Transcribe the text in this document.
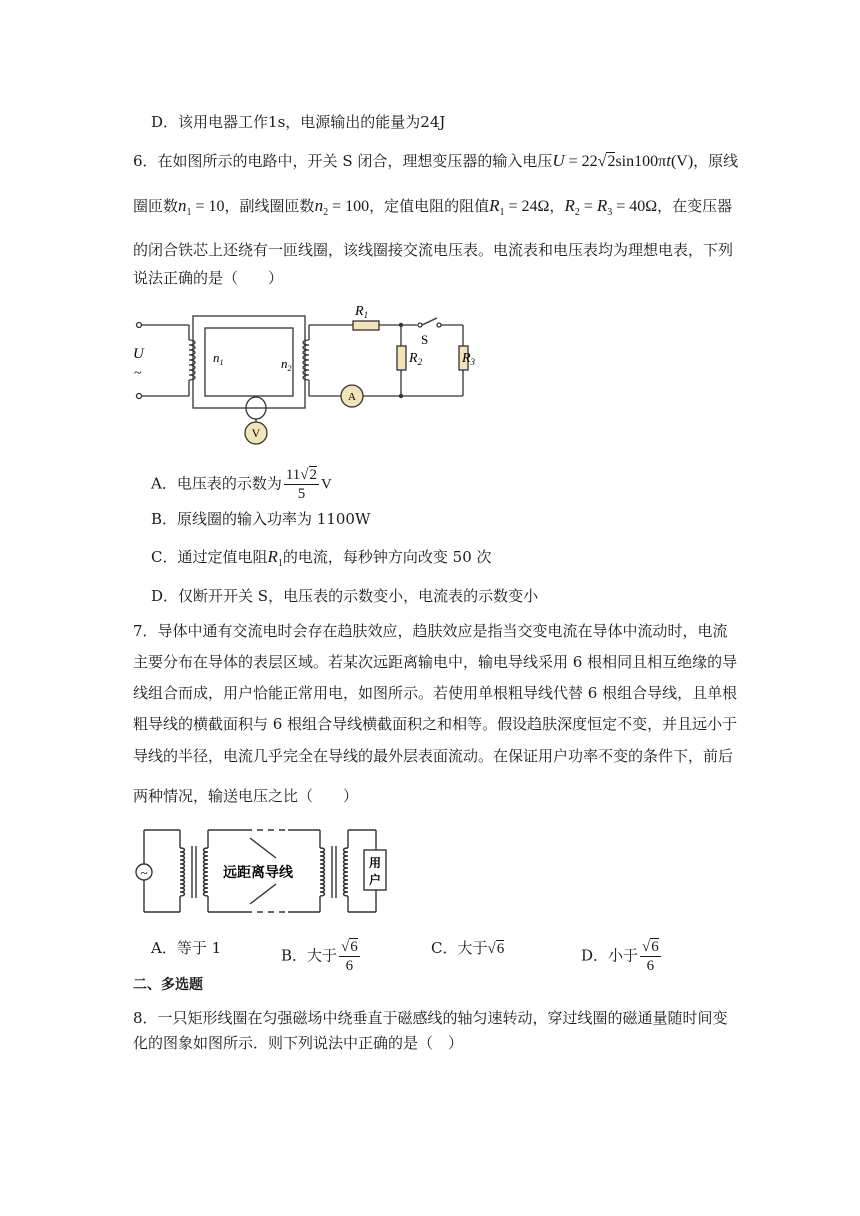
D．该用电器工作1s，电源输出的能量为24J
6．在如图所示的电路中，开关 S 闭合，理想变压器的输入电压U = 22√2sin100πt(V)，原线
圈匝数$n_1 = 10$，副线圈匝数$n_2 = 100$，定值电阻的阻值$R_1 = 24\Omega$，$R_2 = R_3 = 40\Omega$，在变压器
的闭合铁芯上还绕有一匝线圈，该线圈接交流电压表。电流表和电压表均为理想电表，下列
说法正确的是（　　）
$R_1$
S
$R_2$	$R_3$
U
~
$n_1$	$n_2$
A
V
A．电压表的示数为 $\frac{11√2}{5}$ V
B．原线圈的输入功率为 1100W
C．通过定值电阻$R_1$的电流，每秒钟方向改变 50 次
D．仅断开开关 S，电压表的示数变小，电流表的示数变小
7．导体中通有交流电时会存在趋肤效应，趋肤效应是指当交变电流在导体中流动时，电流
主要分布在导体的表层区域。若某次远距离输电中，输电导线采用 6 根相同且相互绝缘的导
线组合而成，用户恰能正常用电，如图所示。若使用单根粗导线代替 6 根组合导线，且单根
粗导线的横截面积与 6 根组合导线横截面积之和相等。假设趋肤深度恒定不变，并且远小于
导线的半径，电流几乎完全在导线的最外层表面流动。在保证用户功率不变的条件下，前后
两种情况，输送电压之比（　　）
~	远距离导线
用
户
A．等于 1	B．大于 $\frac{√6}{6}$	C．大于√6	D．小于 $\frac{√6}{6}$
二、多选题
8．一只矩形线圈在匀强磁场中绕垂直于磁感线的轴匀速转动，穿过线圈的磁通量随时间变
化的图象如图所示．则下列说法中正确的是（　）
